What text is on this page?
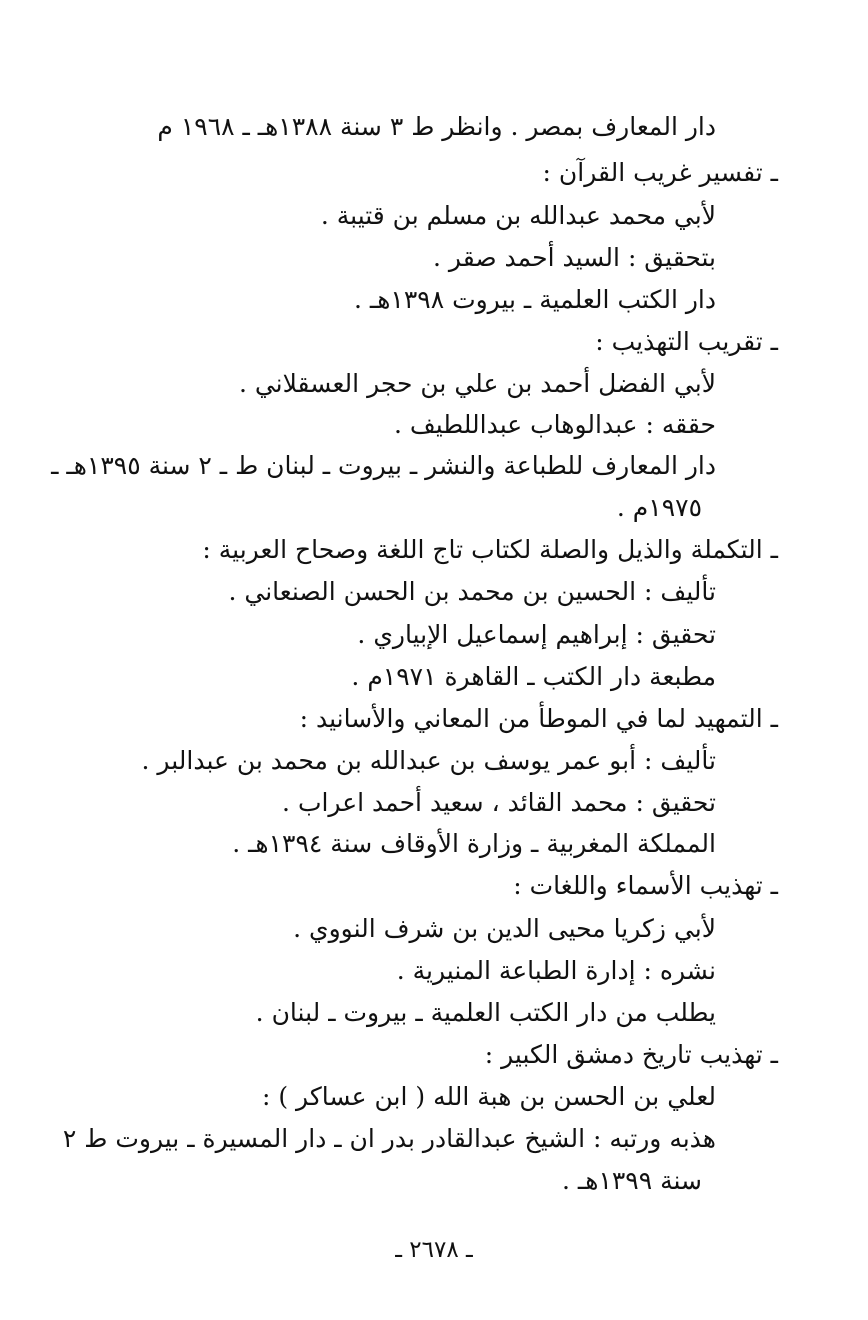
دار المعارف بمصر . وانظر ط ٣ سنة ١٣٨٨هـ ـ ١٩٦٨ م
ـ تفسير غريب القرآن :
لأبي محمد عبدالله بن مسلم بن قتيبة .
بتحقيق : السيد أحمد صقر .
دار الكتب العلمية ـ بيروت ١٣٩٨هـ .
ـ تقريب التهذيب :
لأبي الفضل أحمد بن علي بن حجر العسقلاني .
حققه : عبدالوهاب عبداللطيف .
دار المعارف للطباعة والنشر ـ بيروت ـ لبنان ط ـ ٢ سنة ١٣٩٥هـ ـ
١٩٧٥م .
ـ التكملة والذيل والصلة لكتاب تاج اللغة وصحاح العربية :
تأليف : الحسين بن محمد بن الحسن الصنعاني .
تحقيق : إبراهيم إسماعيل الإبياري .
مطبعة دار الكتب ـ القاهرة ١٩٧١م .
ـ التمهيد لما في الموطأ من المعاني والأسانيد :
تأليف : أبو عمر يوسف بن عبدالله بن محمد بن عبدالبر .
تحقيق : محمد القائد ، سعيد أحمد اعراب .
المملكة المغربية ـ وزارة الأوقاف سنة ١٣٩٤هـ .
ـ تهذيب الأسماء واللغات :
لأبي زكريا محيى الدين بن شرف النووي .
نشره : إدارة الطباعة المنيرية .
يطلب من دار الكتب العلمية ـ بيروت ـ لبنان .
ـ تهذيب تاريخ دمشق الكبير :
لعلي بن الحسن بن هبة الله ( ابن عساكر ) :
هذبه ورتبه : الشيخ عبدالقادر بدر ان ـ دار المسيرة ـ بيروت ط ٢
سنة ١٣٩٩هـ .
ـ ٢٦٧٨ ـ
